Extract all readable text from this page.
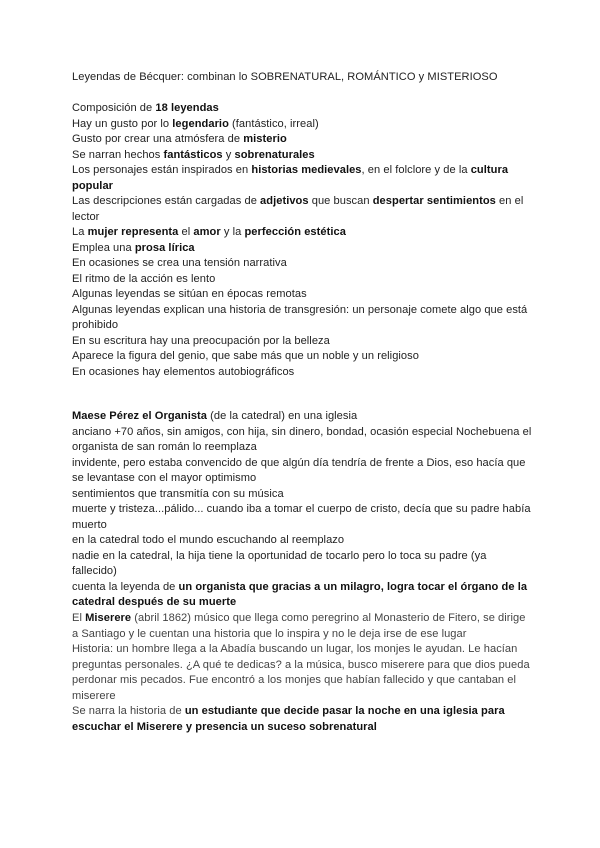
Leyendas de Bécquer: combinan lo SOBRENATURAL, ROMÁNTICO y MISTERIOSO

Composición de 18 leyendas
Hay un gusto por lo legendario (fantástico, irreal)
Gusto por crear una atmósfera de misterio
Se narran hechos fantásticos y sobrenaturales
Los personajes están inspirados en historias medievales, en el folclore y de la cultura popular
Las descripciones están cargadas de adjetivos que buscan despertar sentimientos en el lector
La mujer representa el amor y la perfección estética
Emplea una prosa lírica
En ocasiones se crea una tensión narrativa
El ritmo de la acción es lento
Algunas leyendas se sitúan en épocas remotas
Algunas leyendas explican una historia de transgresión: un personaje comete algo que está prohibido
En su escritura hay una preocupación por la belleza
Aparece la figura del genio, que sabe más que un noble y un religioso
En ocasiones hay elementos autobiográficos
Maese Pérez el Organista (de la catedral) en una iglesia
anciano +70 años, sin amigos, con hija, sin dinero, bondad, ocasión especial Nochebuena el organista de san román lo reemplaza
invidente, pero estaba convencido de que algún día tendría de frente a Dios, eso hacía que se levantase con el mayor optimismo
sentimientos que transmitía con su música
muerte y tristeza...pálido... cuando iba a tomar el cuerpo de cristo, decía que su padre había muerto
en la catedral todo el mundo escuchando al reemplazo
nadie en la catedral, la hija tiene la oportunidad de tocarlo pero lo toca su padre (ya fallecido)
cuenta la leyenda de un organista que gracias a un milagro, logra tocar el órgano de la catedral después de su muerte
El Miserere (abril 1862) músico que llega como peregrino al Monasterio de Fitero, se dirige a Santiago y le cuentan una historia que lo inspira y no le deja irse de ese lugar
Historia: un hombre llega a la Abadía buscando un lugar, los monjes le ayudan. Le hacían preguntas personales. ¿A qué te dedicas? a la música, busco miserere para que dios pueda perdonar mis pecados. Fue encontró a los monjes que habían fallecido y que cantaban el miserere
Se narra la historia de un estudiante que decide pasar la noche en una iglesia para escuchar el Miserere y presencia un suceso sobrenatural
